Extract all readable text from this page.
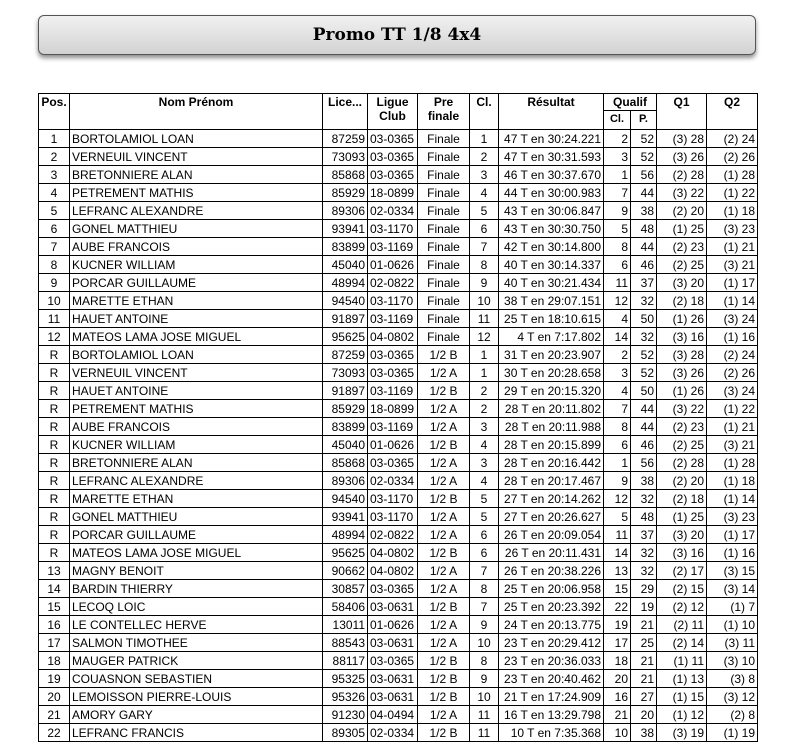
Promo TT 1/8 4x4
Pos.	Nom Prénom	Lice...	Ligue Club	Pre finale	Cl.	Résultat	Qualif		Q1	Q2
							Cl.	P.		
1	BORTOLAMIOL LOAN	87259	03-0365	Finale	1	47 T en 30:24.221	2	52	(3) 28	(2) 24
2	VERNEUIL VINCENT	73093	03-0365	Finale	2	47 T en 30:31.593	3	52	(3) 26	(2) 26
3	BRETONNIERE ALAN	85868	03-0365	Finale	3	46 T en 30:37.670	1	56	(2) 28	(1) 28
4	PETREMENT MATHIS	85929	18-0899	Finale	4	44 T en 30:00.983	7	44	(3) 22	(1) 22
5	LEFRANC ALEXANDRE	89306	02-0334	Finale	5	43 T en 30:06.847	9	38	(2) 20	(1) 18
6	GONEL MATTHIEU	93941	03-1170	Finale	6	43 T en 30:30.750	5	48	(1) 25	(3) 23
7	AUBE FRANCOIS	83899	03-1169	Finale	7	42 T en 30:14.800	8	44	(2) 23	(1) 21
8	KUCNER WILLIAM	45040	01-0626	Finale	8	40 T en 30:14.337	6	46	(2) 25	(3) 21
9	PORCAR GUILLAUME	48994	02-0822	Finale	9	40 T en 30:21.434	11	37	(3) 20	(1) 17
10	MARETTE ETHAN	94540	03-1170	Finale	10	38 T en 29:07.151	12	32	(2) 18	(1) 14
11	HAUET ANTOINE	91897	03-1169	Finale	11	25 T en 18:10.615	4	50	(1) 26	(3) 24
12	MATEOS LAMA JOSE MIGUEL	95625	04-0802	Finale	12	4 T en 7:17.802	14	32	(3) 16	(1) 16
R	BORTOLAMIOL LOAN	87259	03-0365	1/2 B	1	31 T en 20:23.907	2	52	(3) 28	(2) 24
R	VERNEUIL VINCENT	73093	03-0365	1/2 A	1	30 T en 20:28.658	3	52	(3) 26	(2) 26
R	HAUET ANTOINE	91897	03-1169	1/2 B	2	29 T en 20:15.320	4	50	(1) 26	(3) 24
R	PETREMENT MATHIS	85929	18-0899	1/2 A	2	28 T en 20:11.802	7	44	(3) 22	(1) 22
R	AUBE FRANCOIS	83899	03-1169	1/2 A	3	28 T en 20:11.988	8	44	(2) 23	(1) 21
R	KUCNER WILLIAM	45040	01-0626	1/2 B	4	28 T en 20:15.899	6	46	(2) 25	(3) 21
R	BRETONNIERE ALAN	85868	03-0365	1/2 A	3	28 T en 20:16.442	1	56	(2) 28	(1) 28
R	LEFRANC ALEXANDRE	89306	02-0334	1/2 A	4	28 T en 20:17.467	9	38	(2) 20	(1) 18
R	MARETTE ETHAN	94540	03-1170	1/2 B	5	27 T en 20:14.262	12	32	(2) 18	(1) 14
R	GONEL MATTHIEU	93941	03-1170	1/2 A	5	27 T en 20:26.627	5	48	(1) 25	(3) 23
R	PORCAR GUILLAUME	48994	02-0822	1/2 A	6	26 T en 20:09.054	11	37	(3) 20	(1) 17
R	MATEOS LAMA JOSE MIGUEL	95625	04-0802	1/2 B	6	26 T en 20:11.431	14	32	(3) 16	(1) 16
13	MAGNY BENOIT	90662	04-0802	1/2 A	7	26 T en 20:38.226	13	32	(2) 17	(3) 15
14	BARDIN THIERRY	30857	03-0365	1/2 A	8	25 T en 20:06.958	15	29	(2) 15	(3) 14
15	LECOQ LOIC	58406	03-0631	1/2 B	7	25 T en 20:23.392	22	19	(2) 12	(1) 7
16	LE CONTELLEC HERVE	13011	01-0626	1/2 A	9	24 T en 20:13.775	19	21	(2) 11	(1) 10
17	SALMON TIMOTHEE	88543	03-0631	1/2 A	10	23 T en 20:29.412	17	25	(2) 14	(3) 11
18	MAUGER PATRICK	88117	03-0365	1/2 B	8	23 T en 20:36.033	18	21	(1) 11	(3) 10
19	COUASNON SEBASTIEN	95325	03-0631	1/2 B	9	23 T en 20:40.462	20	21	(1) 13	(3) 8
20	LEMOISSON PIERRE-LOUIS	95326	03-0631	1/2 B	10	21 T en 17:24.909	16	27	(1) 15	(3) 12
21	AMORY GARY	91230	04-0494	1/2 A	11	16 T en 13:29.798	21	20	(1) 12	(2) 8
22	LEFRANC FRANCIS	89305	02-0334	1/2 B	11	10 T en 7:35.368	10	38	(3) 19	(1) 19
